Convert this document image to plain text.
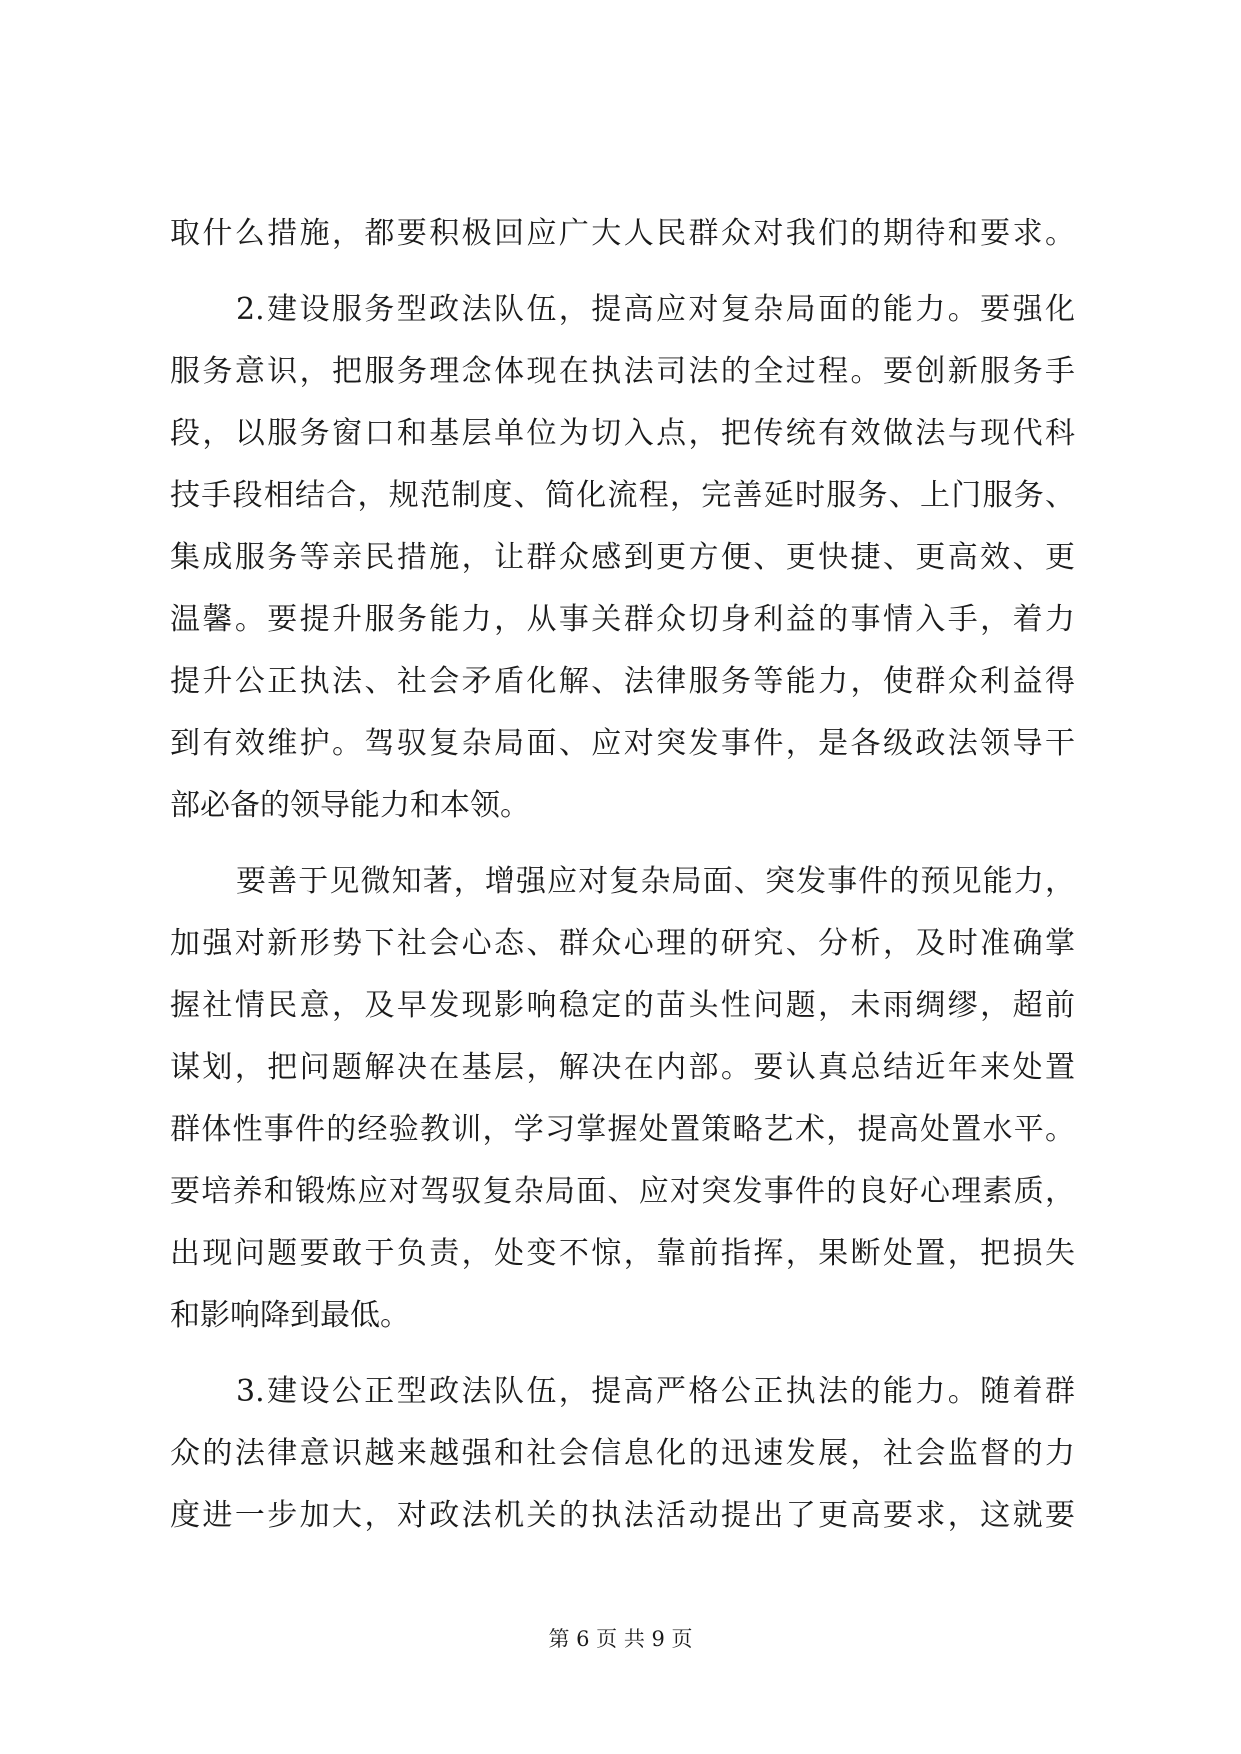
取什么措施，都要积极回应广大人民群众对我们的期待和要求。
2.建设服务型政法队伍，提高应对复杂局面的能力。要强化
服务意识，把服务理念体现在执法司法的全过程。要创新服务手
段，以服务窗口和基层单位为切入点，把传统有效做法与现代科
技手段相结合，规范制度、简化流程，完善延时服务、上门服务、
集成服务等亲民措施，让群众感到更方便、更快捷、更高效、更
温馨。要提升服务能力，从事关群众切身利益的事情入手，着力
提升公正执法、社会矛盾化解、法律服务等能力，使群众利益得
到有效维护。驾驭复杂局面、应对突发事件，是各级政法领导干
部必备的领导能力和本领。
要善于见微知著，增强应对复杂局面、突发事件的预见能力，
加强对新形势下社会心态、群众心理的研究、分析，及时准确掌
握社情民意，及早发现影响稳定的苗头性问题，未雨绸缪，超前
谋划，把问题解决在基层，解决在内部。要认真总结近年来处置
群体性事件的经验教训，学习掌握处置策略艺术，提高处置水平。
要培养和锻炼应对驾驭复杂局面、应对突发事件的良好心理素质，
出现问题要敢于负责，处变不惊，靠前指挥，果断处置，把损失
和影响降到最低。
3.建设公正型政法队伍，提高严格公正执法的能力。随着群
众的法律意识越来越强和社会信息化的迅速发展，社会监督的力
度进一步加大，对政法机关的执法活动提出了更高要求，这就要
第 6 页 共 9 页
